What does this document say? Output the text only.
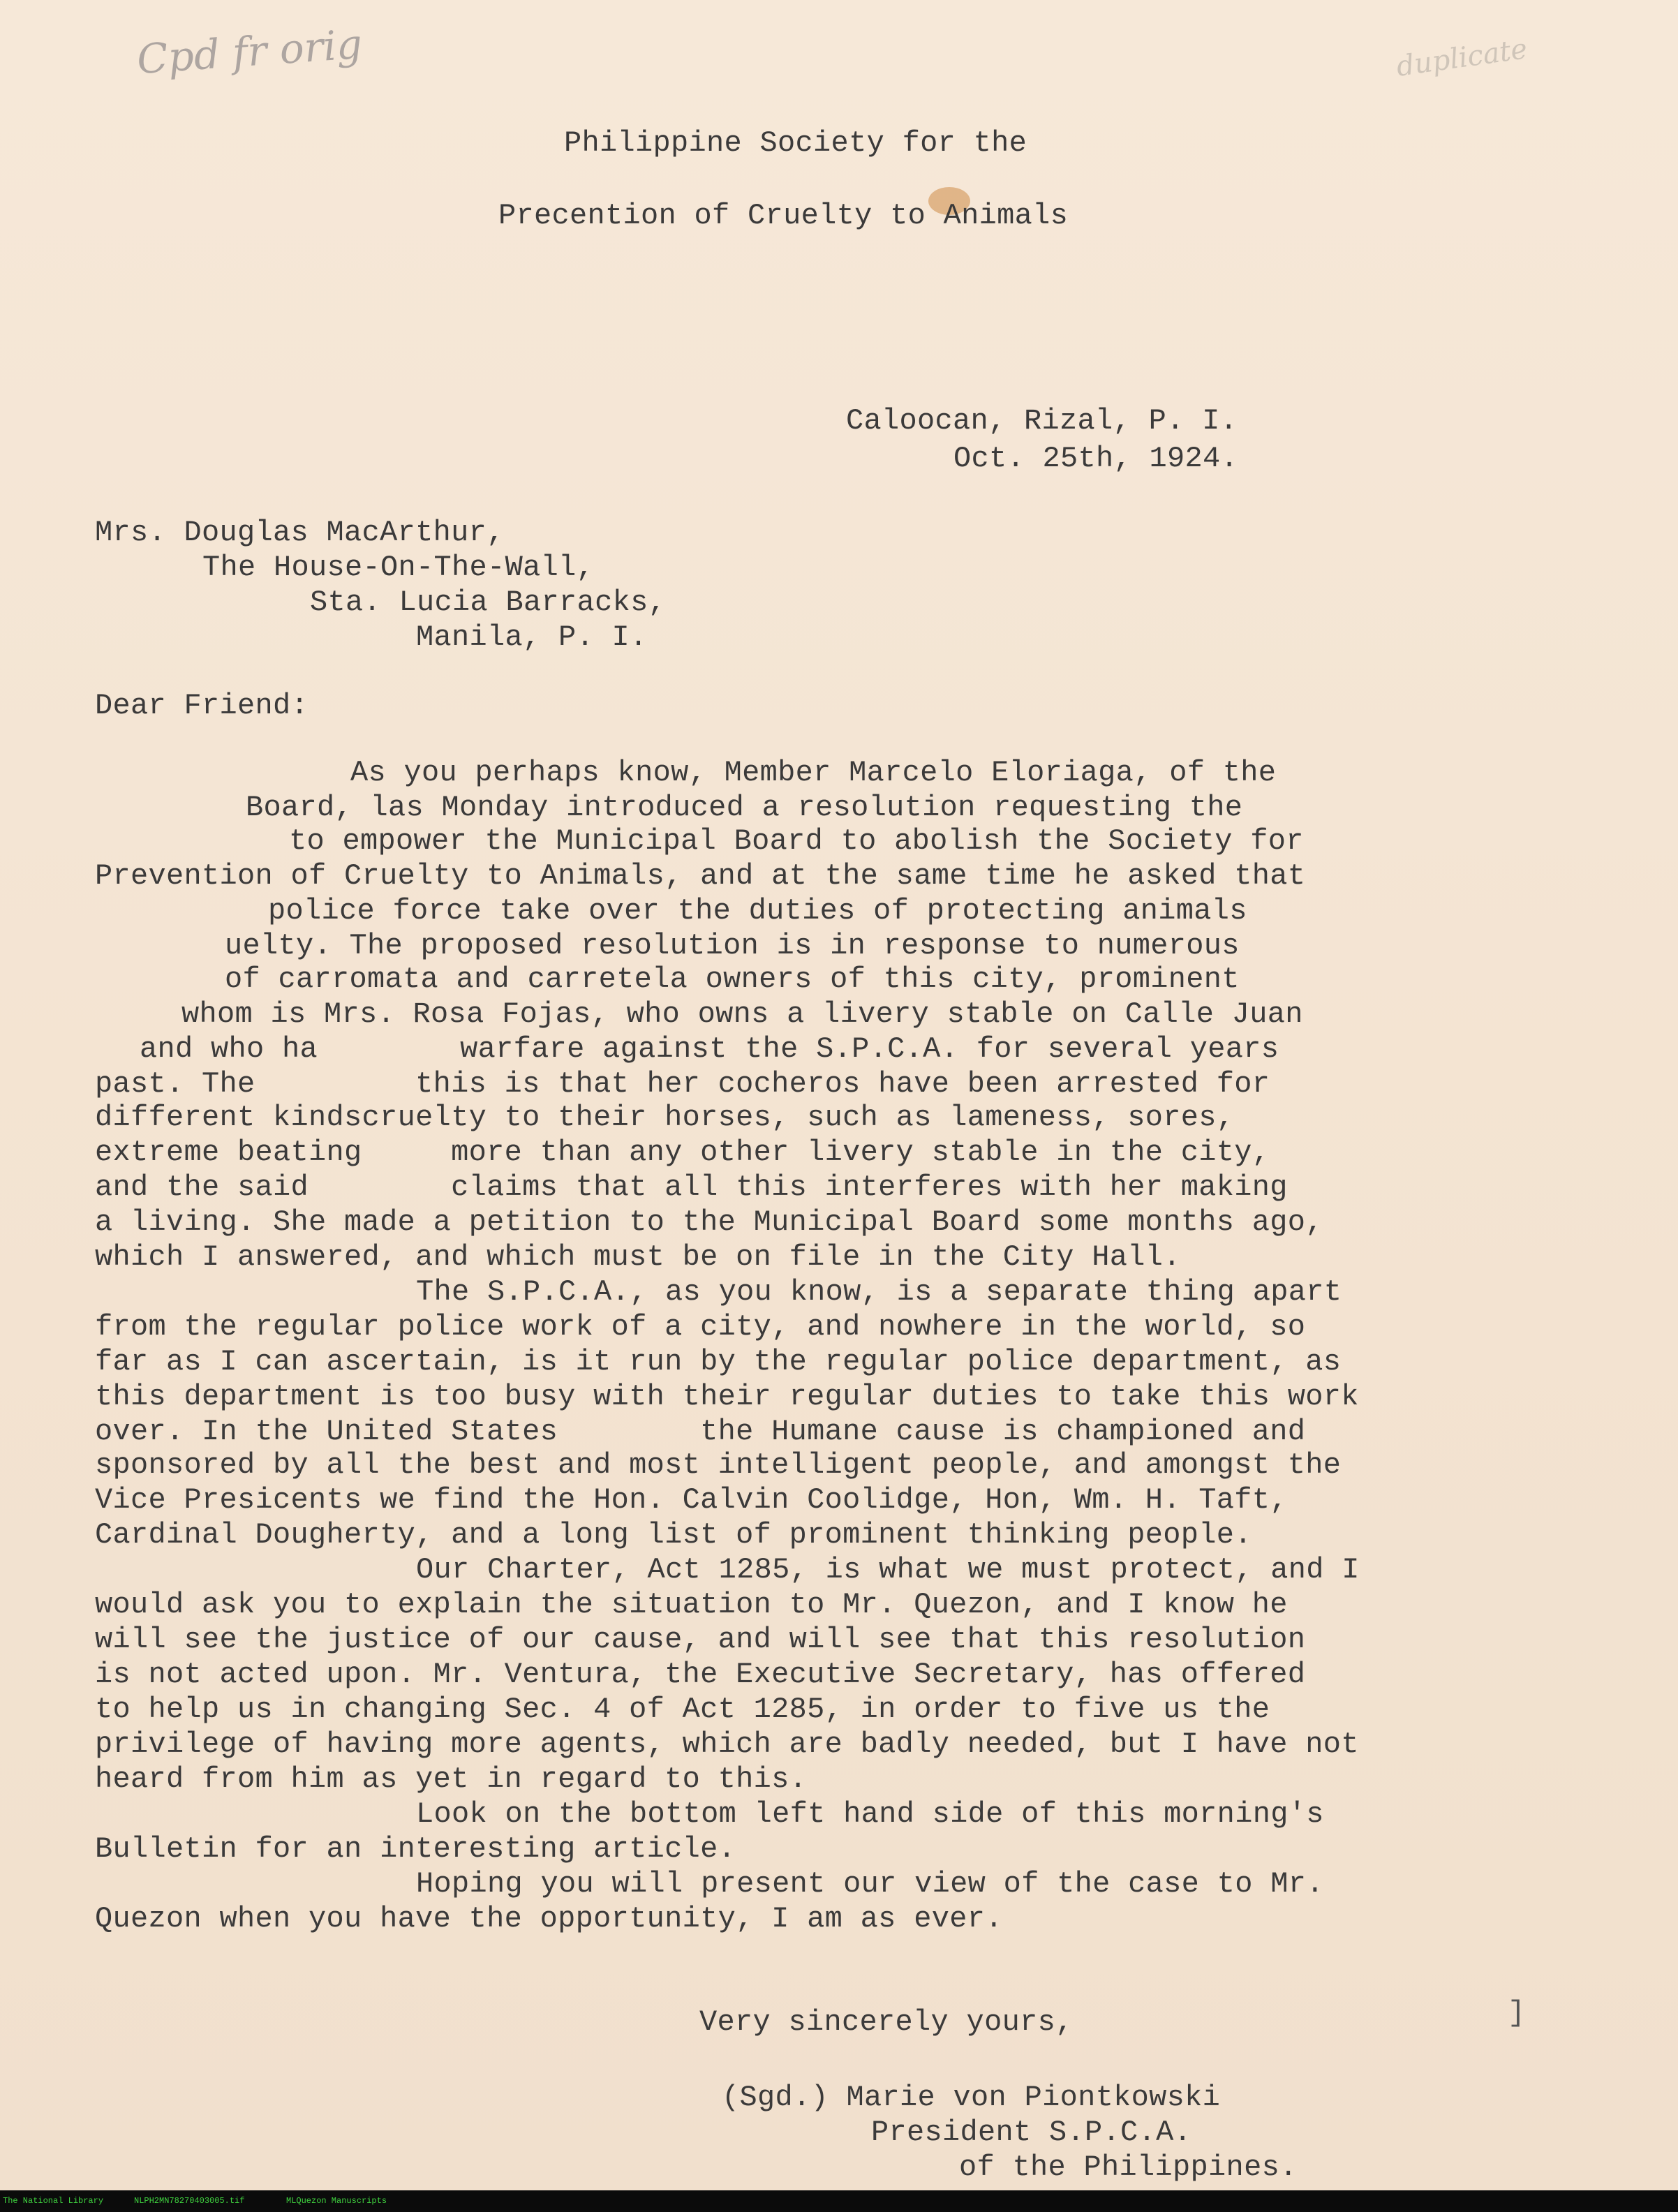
Cpd fr orig	duplicate
Philippine Society for the
Precention of Cruelty to Animals
Caloocan, Rizal, P. I.
Oct. 25th, 1924.
Mrs. Douglas MacArthur,
The House-On-The-Wall,
Sta. Lucia Barracks,
Manila, P. I.
Dear Friend:
As you perhaps know, Member Marcelo Eloriaga, of the
Board, las Monday introduced a resolution requesting the
to empower the Municipal Board to abolish the Society for
Prevention of Cruelty to Animals, and at the same time he asked that
police force take over the duties of protecting animals
uelty. The proposed resolution is in response to numerous
of carromata and carretela owners of this city, prominent
whom is Mrs. Rosa Fojas, who owns a livery stable on Calle Juan
and who ha        warfare against the S.P.C.A. for several years
past. The         this is that her cocheros have been arrested for
different kindscruelty to their horses, such as lameness, sores,
extreme beating     more than any other livery stable in the city,
and the said        claims that all this interferes with her making
a living. She made a petition to the Municipal Board some months ago,
which I answered, and which must be on file in the City Hall.
The S.P.C.A., as you know, is a separate thing apart
from the regular police work of a city, and nowhere in the world, so
far as I can ascertain, is it run by the regular police department, as
this department is too busy with their regular duties to take this work
over. In the United States        the Humane cause is championed and
sponsored by all the best and most intelligent people, and amongst the
Vice Presicents we find the Hon. Calvin Coolidge, Hon, Wm. H. Taft,
Cardinal Dougherty, and a long list of prominent thinking people.
Our Charter, Act 1285, is what we must protect, and I
would ask you to explain the situation to Mr. Quezon, and I know he
will see the justice of our cause, and will see that this resolution
is not acted upon. Mr. Ventura, the Executive Secretary, has offered
to help us in changing Sec. 4 of Act 1285, in order to five us the
privilege of having more agents, which are badly needed, but I have not
heard from him as yet in regard to this.
Look on the bottom left hand side of this morning's
Bulletin for an interesting article.
Hoping you will present our view of the case to Mr.
Quezon when you have the opportunity, I am as ever.
]
Very sincerely yours,
(Sgd.) Marie von Piontkowski
President S.P.C.A.
of the Philippines.
The National Library	NLPH2MN78270403005.tif	MLQuezon Manuscripts
